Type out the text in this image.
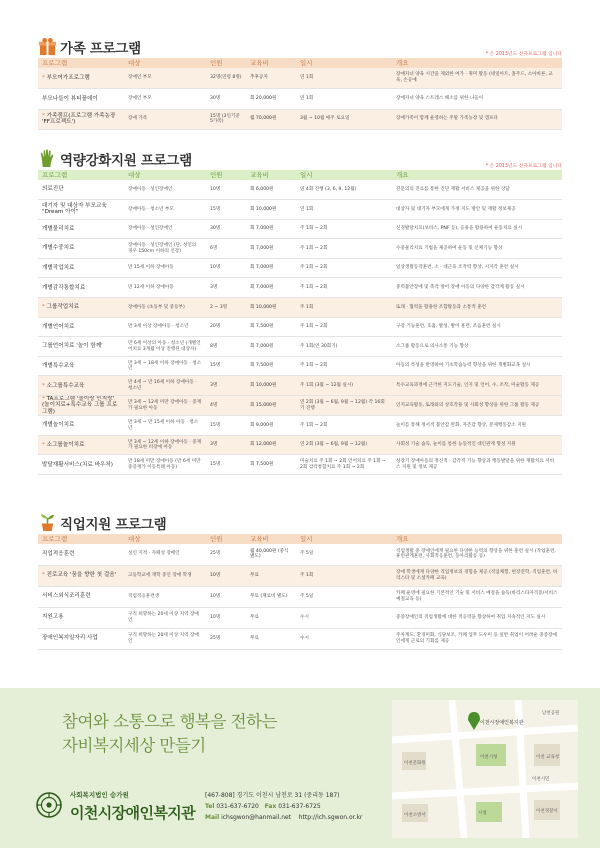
가족 프로그램	* 은 2013년도 신규프로그램 입니다
프로그램	대상	인원	교육비	일시	개요
* 부모여가프로그램	장애인 부모	32명(연령 8명)	추후공지	연 1회	장애자녀 양육 시간을 제외한 여가 · 취미 활동 (네일아트, 홈주드, 소아바른, 교육, 손공예
부모나들이 뷰티플데이	장애인 부모	30명	회 20,000원	연 1회	장애자녀 양육 스트레스 해소를 위한 나들이
* 가족캠프(프로그램 가족농장 'FF프로젝트')	장애 가족	15명 (3인기준 5가족)	월 70,000원	3월 ~ 10월 매주 토요일	장애가족이 함께 운영하는 주말 가족농장 및 캠프다
역량강화지원 프로그램	* 은 2013년도 신규프로그램 입니다
프로그램	대상	인원	교육비	일시	개요
의료진단	장애아동 · 성인장애인	10명	회 6,000원	연 4회 진행 (3, 6, 9, 12월)	전문의의 진료를 통한 진단 재활 서비스 제공을 위한 상담
대기자 및 대상자 부모교육 "Dream 아이"	장애아동 · 청소년 부모	15명	회 10,000원	연 1회	대상자 및 대기자 부모에게 가정 지도 방안 및 재활 정보제공
개별물리치료	장애아동 · 성인장애인	30명	회 7,000원	주 1회 ~ 2회	신경발달치료(보바스, PNF 등), 응용을 활용하여 운동치료 실시
개별수중치료	장애아동 · 성인장애인 (단, 성인의 경우 150cm 이하의 신장)	6명	회 7,000원	주 1회 ~ 2회	수중물리치료 기법을 제공하여 운동 및 신체기능 향상
개별작업치료	만 15세 이하 장애아동	10명	회 7,000원	주 1회 ~ 2회	일상생활동작훈련, 소 · 대근육 조작력 향상, 시지각 훈련 실시
개별감각통합치료	만 12세 이하 장애아동	3명	회 7,000원	주 1회 ~ 2회	중력불안장애 및 촉각 방어 장애 아동의 다양한 감각계 활동 실시
* 그룹작업치료	장애아동 (초등부 및 중등부)	2 ~ 3명	회 10,000원	주 1회	또래 · 협력을 활용한 조합활동과 소통적 훈련
개별언어치료	만 3세 이상 장애아동 · 청소년	20명	회 7,500원	주 1회 ~ 2회	구강 기능훈련, 호흡, 발성, 발어 훈련, 조음훈련 실시
그룹언어치료 '놀이 함께'	만 6세 이상의 아동 · 청소년 (개별언어치료 3개월 이상 진행된 대상자)	8명	회 7,000원	주 1회(연 30회기)	소그룹 활동으로 의사소통 기능 향상
개별특수교육	만 3세 ~ 18세 이하 장애아동 · 청소년	15명	회 7,500원	주 1회 ~ 2회	아동의 특성을 반영하여 기초학습능력 향상을 위한 개별화교육 실시
* 소그룹특수교육	만 4세 ~ 만 16세 이하 장애아동 · 청소년	3명	회 10,000원	주 1회 (3월 ~ 12월 실시)	특수교육과정에 근거한 지도기술, 인지 및 언어, 수, 조작, 미술활동 제공
* TA프로그램 '놀이랑 인지랑' (놀이치료+특수교육 그룹 프로그램)	만 3세 ~ 12세 미만 장애아동 · 증재가 필요한 아동	4명	회 15,000원	연 2회 (3월 ~ 6월, 9월 ~ 12월) 각 16회기 진행	인지교육활동, 또래와의 상호작용 및 사회성 향상을 위한 그룹 활동 제공
개별놀이치료	만 3세 ~ 만 15세 이하 아동 · 청소년	15명	회 9,000원	주 1회 ~ 2회	놀이를 통해 정서적 불안감 완화, 자존감 향상, 문제행동감소 지원
* 소그룹놀이치료	만 3세 ~ 12세 이하 장애아동 · 중재가 필요한 비장애 아동	3명	회 12,000원	연 2회 (3월 ~ 6월, 9월 ~ 12월)	사회성 기술 습득, 놀이를 통한 능동적인 대인관계 형성 지원
발달재활서비스(치료 바우처)	만 18세 미만 장애아동 (만 6세 미만 중증재가 이동특례 아동)	15명	회 7,500원	미술치료 주 1회 ~ 2회 언어치료 주 1회 ~ 2회 감각통합치료 주 1회 ~ 2회	성장기 장애아동의 정신적 · 감각적 기능 향상과 행동발달을 위한 재활치료 서비스 지원 및 정보 제공
직업지원 프로그램
프로그램	대상	인원	교육비	일시	개요
직업적응훈련	성인 지적 · 자폐성 장애인	25명	월 40,000원 (중식 별도)	주 5일	직업생활 중 장애인에게 필요한 다양한 능력의 향상을 위한 훈련 실시 (작업훈련, 휴먼관계훈련, 사회적응훈련, 동아리활동 등)
* 진로교육 '꿈을 향한 첫 걸음'	고등학교에 재학 중인 장애 학생	10명	무료	주 1회	장애 학생에게 다양한 직업정보의 경험을 제공 (직업체험, 현장견학, 직업훈련, 바리스타 및 소셜카페 교육)
서비스외식조리훈련	직업적응훈련생	10명	무료 (재료비 별도)	주 5일	카페 운영에 필요한 기본적인 기술 및 서비스 예절을 습득(바리스타자격증/서비스예절교육 등)
지원고용	구직 희망하는 20세 이상 지역 장애인	10명	무료	수시	중증장애인의 직업생활에 대한 적응력을 향상하여 취업 지속적인 지도 실시
장애인복지일자리 사업	구직 희망하는 20세 이상 지역 장애인	25명	무료	수시	주차계도, 환경미화, 식당보조, 카페 업무 도우미 등 일반 취업이 어려운 중증장애인에게 근로의 기회를 제공
참여와 소통으로 행복을 전하는
자비복지세상 만들기
사회복지법인 승가원
이천시장애인복지관
[467-808] 경기도 이천시 남천로 31 (중리동 187)
Tel 031-637-6720 Fax 031-637-6725
Mail ichsgwon@hanmail.net http://ich.sgwon.or.kr
이천시장애인복지관
남천공원
이천시청
이천문화원
이천 교육청
이천경찰서
시청
이천소방서
이천시민
